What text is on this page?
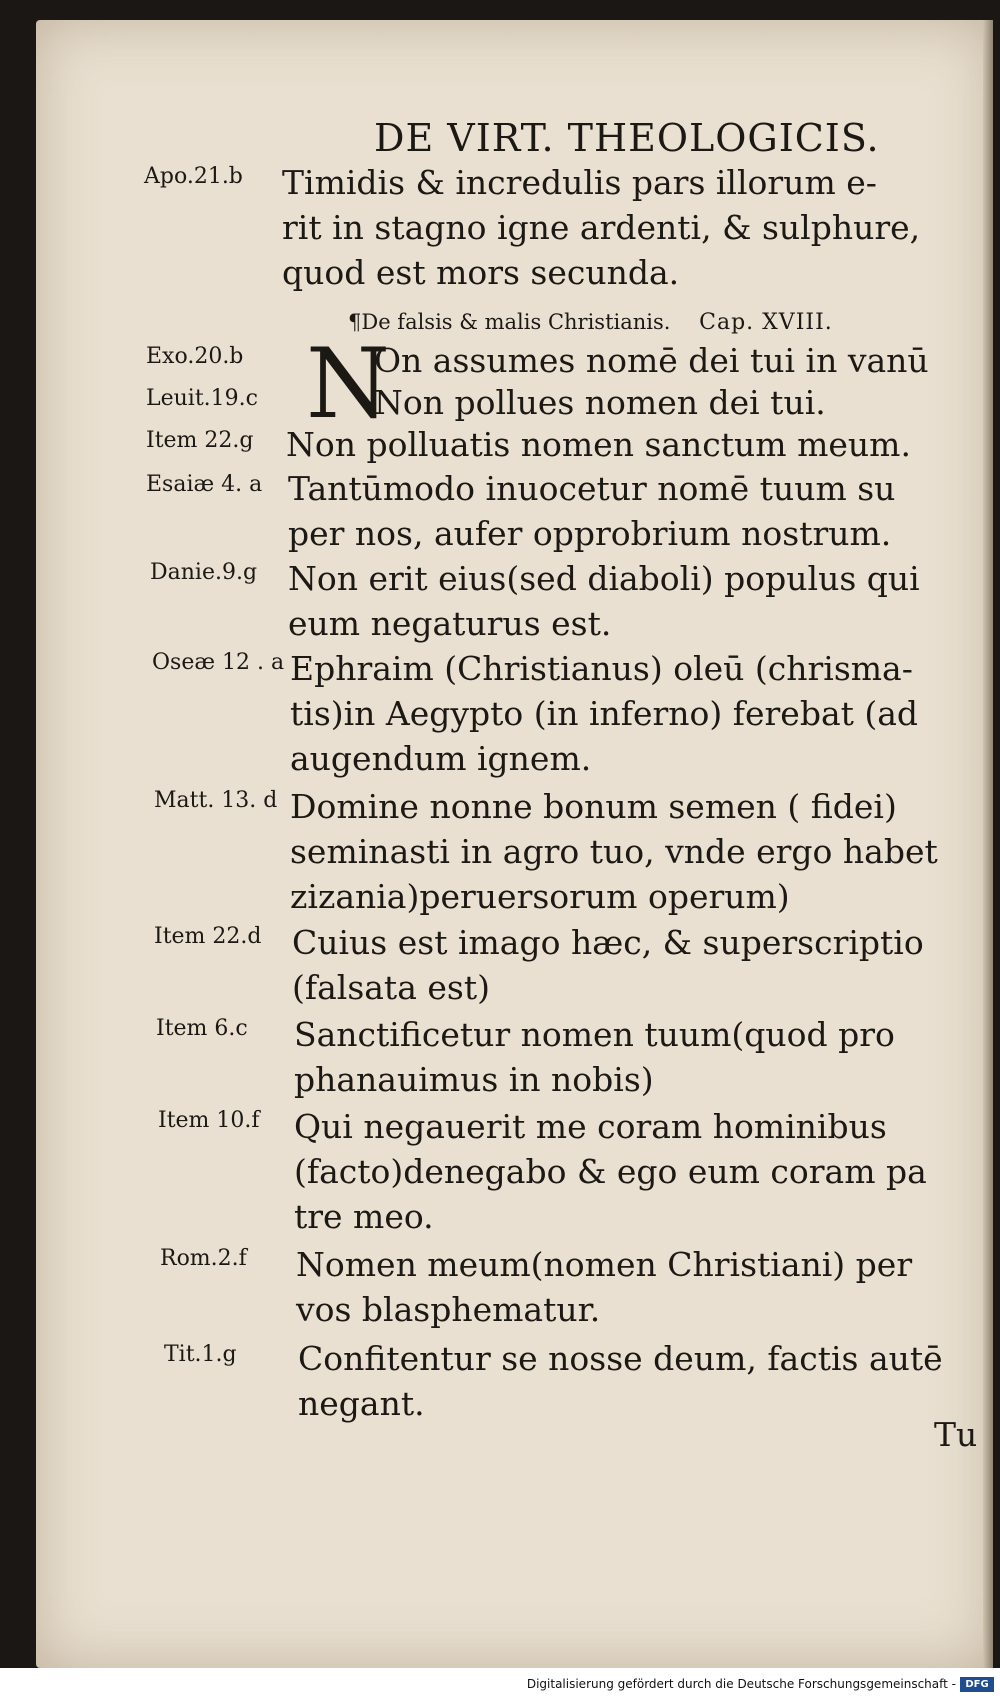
DE VIRT. THEOLOGICIS.
¶De falsis & malis Christianis. Cap. XVIII.
N
Apo.21.b	Timidis & incredulis pars illorum e-
rit in stagno igne ardenti, & sulphure,
quod est mors secunda.
Exo.20.b	On assumes nomē dei tui in vanū
Leuit.19.c	Non pollues nomen dei tui.
Item 22.g Non polluatis nomen sanctum meum.
Esaiæ 4. a Tantūmodo inuocetur nomē tuum su
per nos, aufer opprobrium nostrum.
Danie.9.g Non erit eius(sed diaboli) populus qui
eum negaturus est.
Oseæ 12 . a Ephraim (Christianus) oleū (chrisma-
tis)in Aegypto (in inferno) ferebat (ad
augendum ignem.
Matt. 13. d Domine nonne bonum semen ( fidei)
seminasti in agro tuo, vnde ergo habet
zizania)peruersorum operum)
Item 22.d Cuius est imago hæc, & superscriptio
(falsata est)
Item 6.c	Sanctificetur nomen tuum(quod pro
phanauimus in nobis)
Item 10.f	Qui negauerit me coram hominibus
(facto)denegabo & ego eum coram pa
tre meo.
Rom.2.f	Nomen meum(nomen Christiani) per
vos blasphematur.
Tit.1.g	Confitentur se nosse deum, factis autē
negant.
Tu
Digitalisierung gefördert durch die Deutsche Forschungsgemeinschaft - DFG
